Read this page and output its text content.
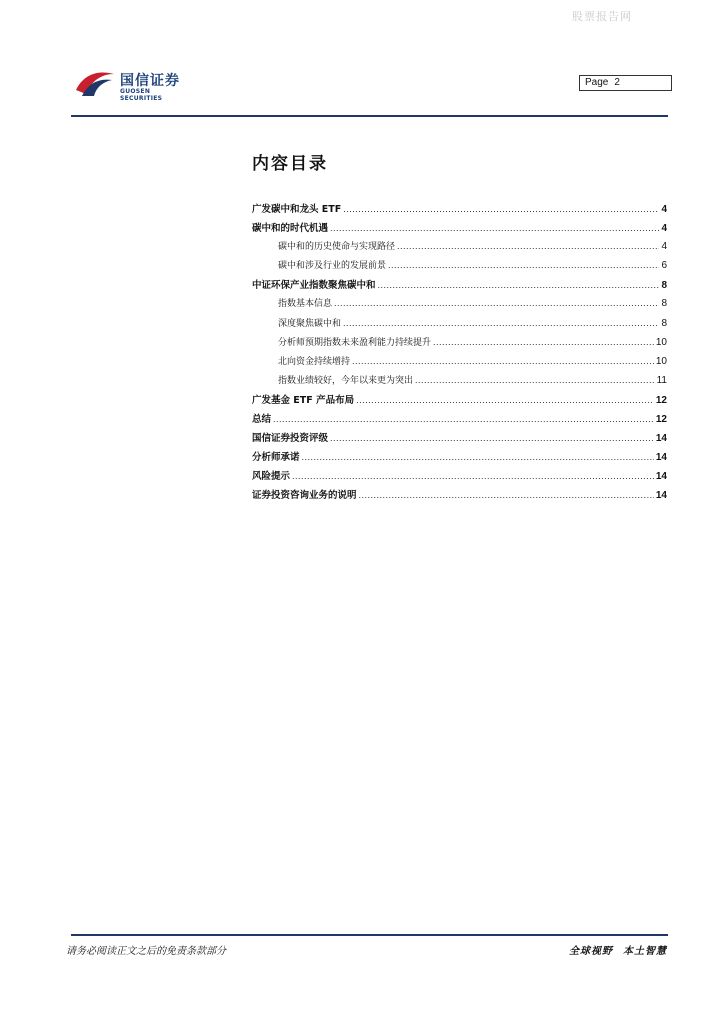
股票报告网
国信证券
GUOSEN SECURITIES
Page 2
内容目录
广发碳中和龙头 ETF .....	4
碳中和的时代机遇 .....	4
碳中和的历史使命与实现路径 .....	4
碳中和涉及行业的发展前景 .....	6
中证环保产业指数聚焦碳中和 .....	8
指数基本信息 .....	8
深度聚焦碳中和 .....	8
分析师预期指数未来盈利能力持续提升 .....	10
北向资金持续增持 .....	10
指数业绩较好，今年以来更为突出 .....	11
广发基金 ETF 产品布局 .....	12
总结 .....	12
国信证券投资评级 .....	14
分析师承诺 .....	14
风险提示 .....	14
证券投资咨询业务的说明 .....	14
请务必阅读正文之后的免责条款部分	全球视野 本土智慧
